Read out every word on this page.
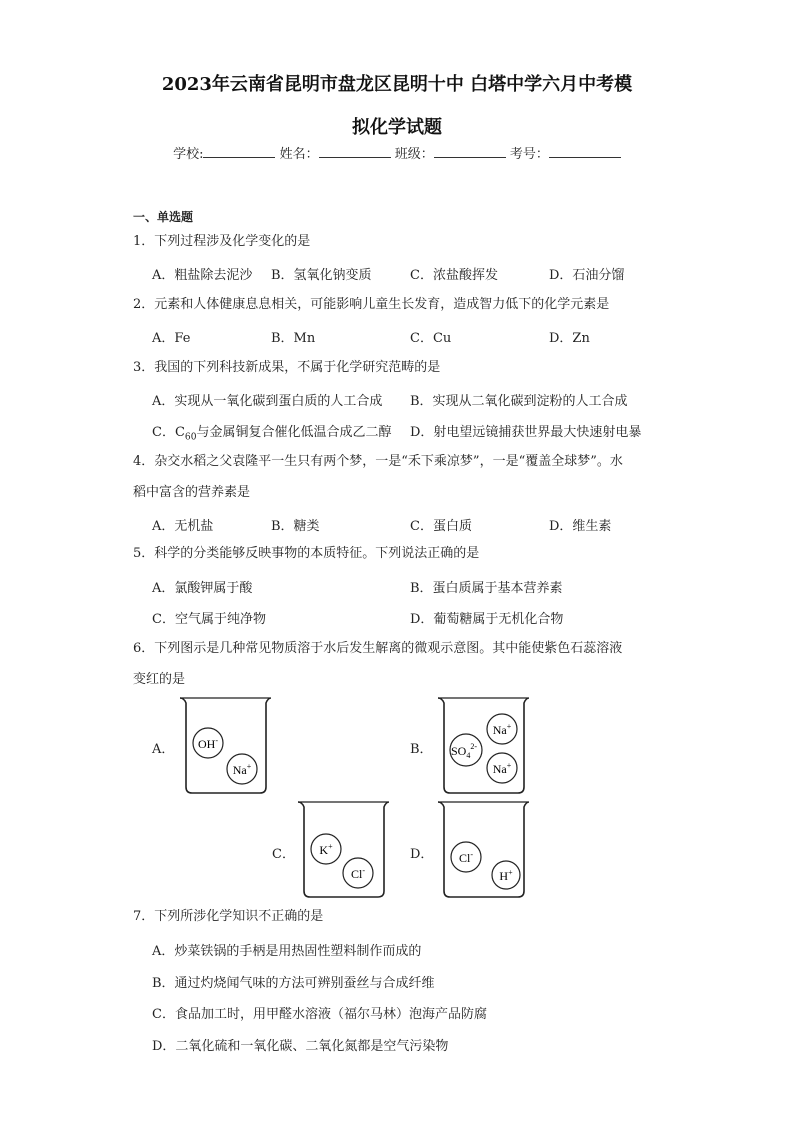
2023年云南省昆明市盘龙区昆明十中 白塔中学六月中考模
拟化学试题
学校:	姓名：	班级：	考号：
一、单选题
1．下列过程涉及化学变化的是
A．粗盐除去泥沙 B．氢氧化钠变质	C．浓盐酸挥发	D．石油分馏
2．元素和人体健康息息相关，可能影响儿童生长发育，造成智力低下的化学元素是
A．Fe	B．Mn	C．Cu	D．Zn
3．我国的下列科技新成果，不属于化学研究范畴的是
A．实现从一氧化碳到蛋白质的人工合成 B．实现从二氧化碳到淀粉的人工合成
C．$C_{60}$与金属铜复合催化低温合成乙二醇 D．射电望远镜捕获世界最大快速射电暴
4．杂交水稻之父袁隆平一生只有两个梦，一是“禾下乘凉梦”，一是“覆盖全球梦”。水
稻中富含的营养素是
A．无机盐	B．糖类	C．蛋白质	D．维生素
5．科学的分类能够反映事物的本质特征。下列说法正确的是
A．氯酸钾属于酸	B．蛋白质属于基本营养素
C．空气属于纯净物	D．葡萄糖属于无机化合物
6．下列图示是几种常见物质溶于水后发生解离的微观示意图。其中能使紫色石蕊溶液
变红的是
A．	B．
C．	D．
OH-
Na+
$SO_4^{2-}$
Na+
Na+
K+
Cl-
Cl-
H+
7．下列所涉化学知识不正确的是
A．炒菜铁锅的手柄是用热固性塑料制作而成的
B．通过灼烧闻气味的方法可辨别蚕丝与合成纤维
C．食品加工时，用甲醛水溶液（福尔马林）泡海产品防腐
D．二氧化硫和一氧化碳、二氧化氮都是空气污染物
